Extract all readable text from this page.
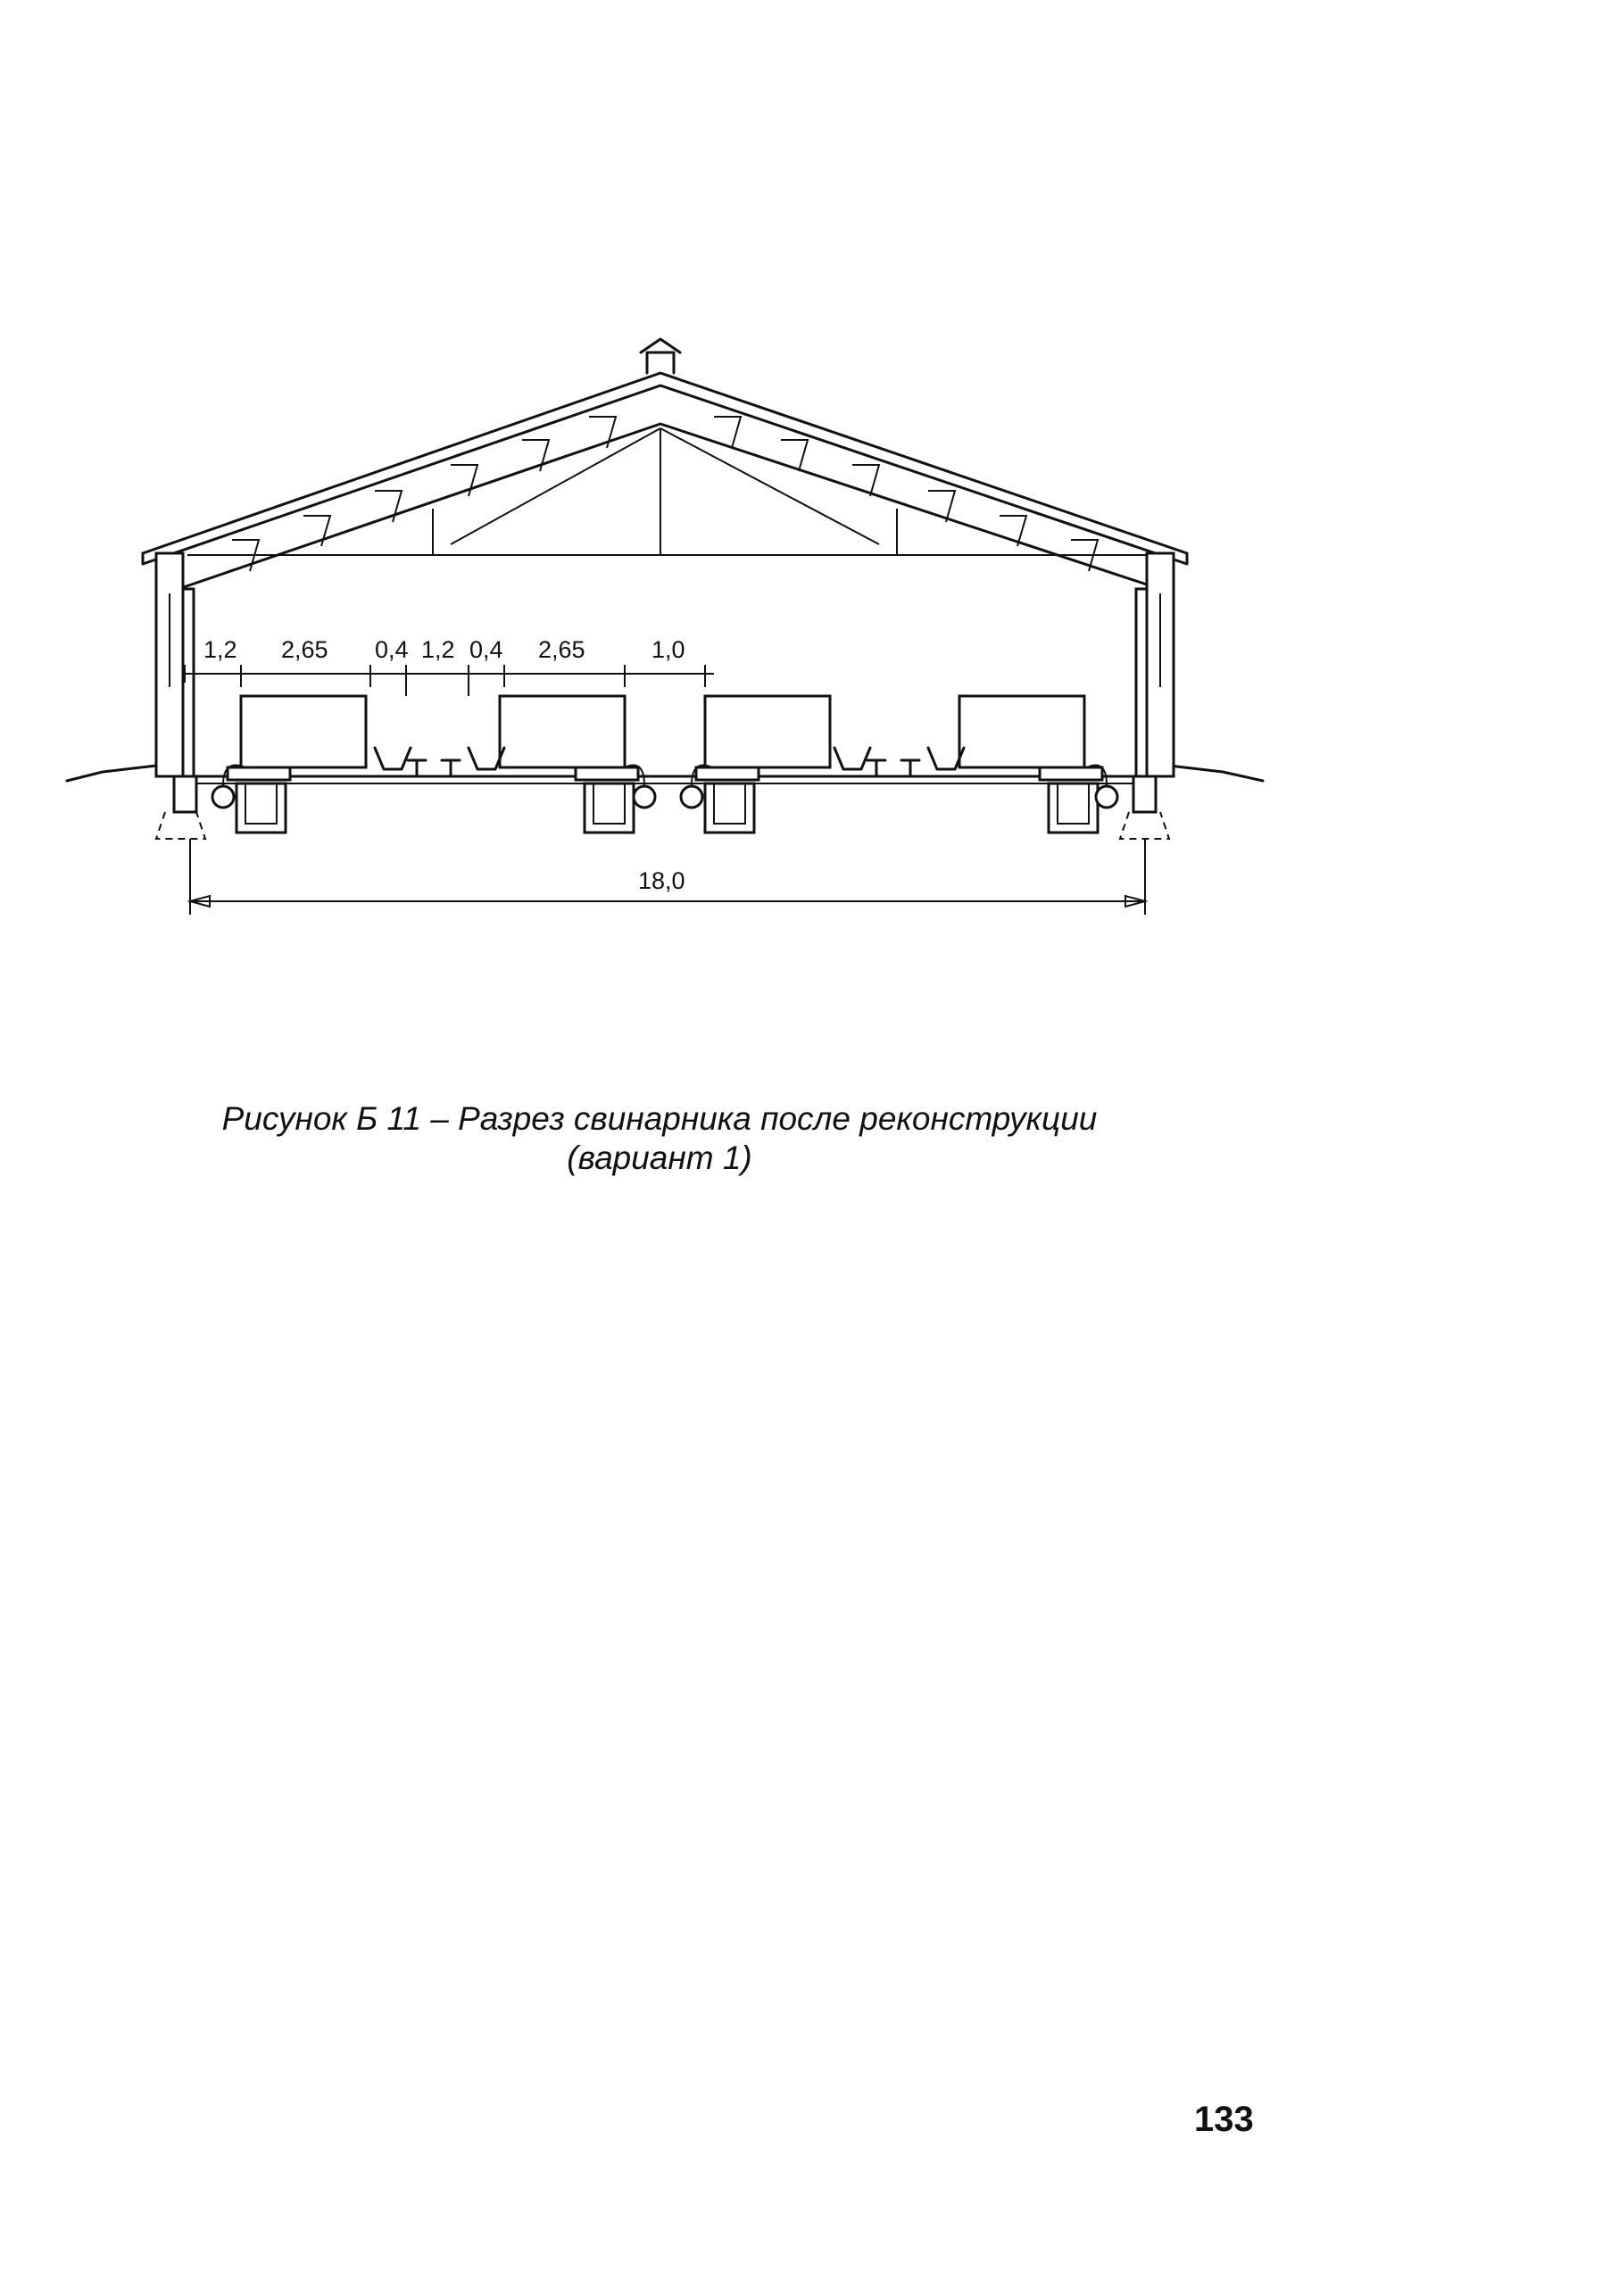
1,2 2,65 0,4 1,2 0,4 2,65	1,0
18,0
Рисунок Б 11 – Разрез свинарника после реконструкции
(вариант 1)
133
